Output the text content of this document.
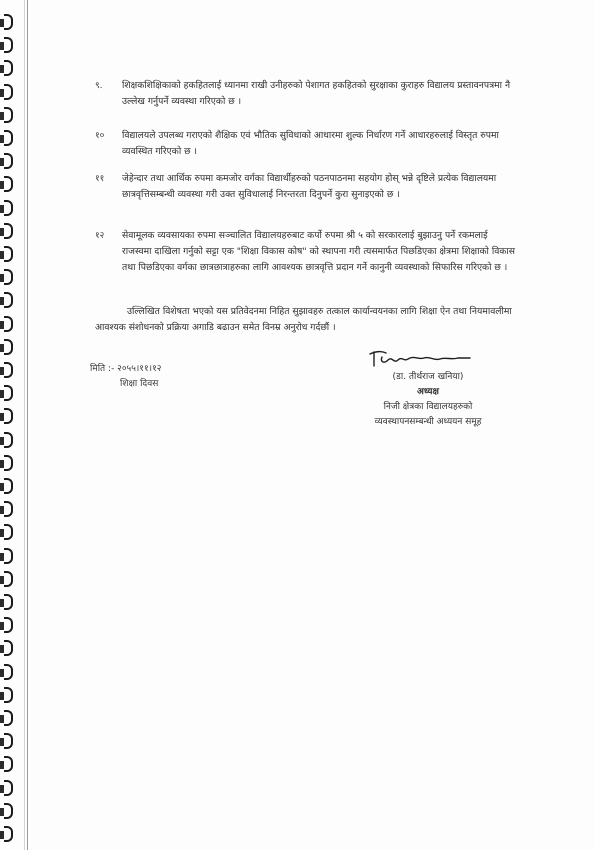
९.	शिक्षकशिक्षिकाको हकहितलाई ध्यानमा राखी उनीहरुको पेशागत हकहितको सुरक्षाका कुराहरु विद्यालय प्रस्तावनपत्रमा नै उल्लेख गर्नुपर्ने व्यवस्था गरिएको छ ।
१०	विद्यालयले उपलब्ध गराएको शैक्षिक एवं भौतिक सुविधाको आधारमा शुल्क निर्धारण गर्ने आधारहरुलाई विस्तृत रुपमा व्यवस्थित गरिएको छ ।
११	जेहेन्दार तथा आर्थिक रुपमा कमजोर वर्गका विद्यार्थीहरुको पठनपाठनमा सहयोग होस् भन्ने दृष्टिले प्रत्येक विद्यालयमा छात्रवृत्तिसम्बन्धी व्यवस्था गरी उक्त सुविधालाई निरन्तरता दिनुपर्ने कुरा सुनाइएको छ ।
१२	सेवामूलक व्यवसायका रुपमा सञ्चालित विद्यालयहरुबाट कर्पो रुपमा श्री ५ को सरकारलाई बुझाउनु पर्ने रकमलाई राजस्वमा दाखिला गर्नुको सट्टा एक "शिक्षा विकास कोष" को स्थापना गरी त्यसमार्फत पिछडिएका क्षेत्रमा शिक्षाको विकास तथा पिछडिएका वर्गका छात्रछात्राहरुका लागि आवश्यक छात्रवृत्ति प्रदान गर्ने कानुनी व्यवस्थाको सिफारिस गरिएको छ ।
उल्लिखित विशेषता भएको यस प्रतिवेदनमा निहित सुझावहरु तत्काल कार्यान्वयनका लागि शिक्षा ऐन तथा नियमावलीमा आवश्यक संशोधनको प्रक्रिया अगाडि बढाउन समेत विनम्र अनुरोध गर्दछौं ।
मिति :- २०५५।११।१२
शिक्षा दिवस
(डा. तीर्थराज खनिया)
अध्यक्ष
निजी क्षेत्रका विद्यालयहरुको
व्यवस्थापनसम्बन्धी अध्ययन समूह
